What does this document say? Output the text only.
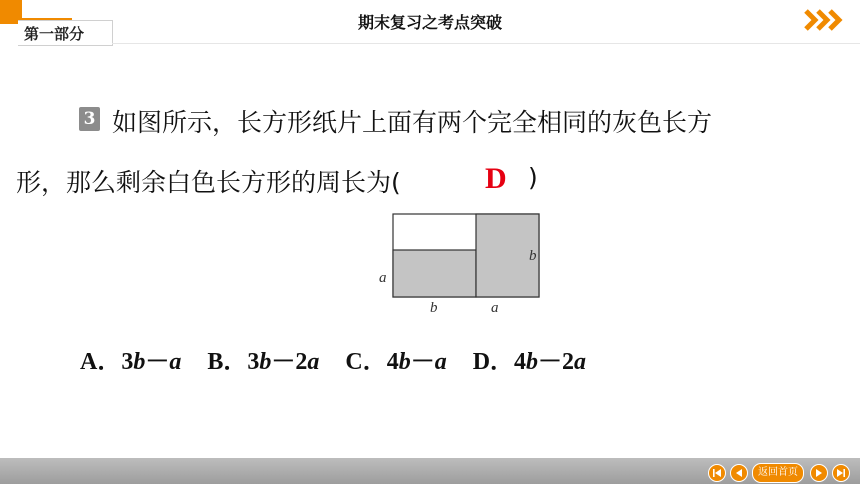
第一部分
期末复习之考点突破
3 如图所示，长方形纸片上面有两个完全相同的灰色长方
形，那么剩余白色长方形的周长为(	D )
a
b
b	a
A．3b－a B．3b－2a C．4b－a D．4b－2a
返回首页
